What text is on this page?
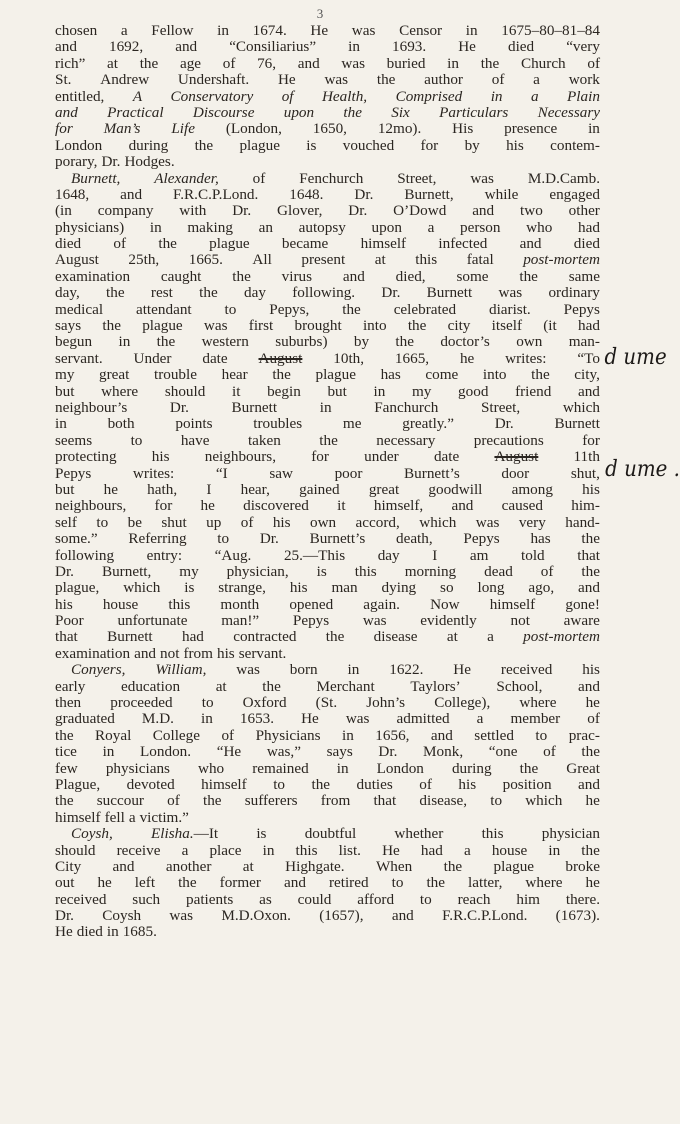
3
chosen a Fellow in 1674. He was Censor in 1675–80–81–84
and 1692, and “Consiliarius” in 1693. He died “very
rich” at the age of 76, and was buried in the Church of
St. Andrew Undershaft. He was the author of a work
entitled, A Conservatory of Health, Comprised in a Plain
and Practical Discourse upon the Six Particulars Necessary
for Man’s Life (London, 1650, 12mo). His presence in
London during the plague is vouched for by his contem-
porary, Dr. Hodges.
Burnett, Alexander, of Fenchurch Street, was M.D.Camb.
1648, and F.R.C.P.Lond. 1648. Dr. Burnett, while engaged
(in company with Dr. Glover, Dr. O’Dowd and two other
physicians) in making an autopsy upon a person who had
died of the plague became himself infected and died
August 25th, 1665. All present at this fatal post-mortem
examination caught the virus and died, some the same
day, the rest the day following. Dr. Burnett was ordinary
medical attendant to Pepys, the celebrated diarist. Pepys
says the plague was first brought into the city itself (it had
begun in the western suburbs) by the doctor’s own man-
servant. Under date August 10th, 1665, he writes: “To
my great trouble hear the plague has come into the city,
but where should it begin but in my good friend and
neighbour’s	Dr.	Burnett	in	Fanchurch	Street,	which
in	both	points	troubles	me	greatly.”	Dr.	Burnett
seems	to	have	taken	the	necessary	precautions	for
protecting his neighbours, for under date August 11th
Pepys	writes:	“I	saw	poor	Burnett’s	door	shut,
but he hath, I hear, gained great goodwill among his
neighbours, for he discovered it himself, and caused him-
self to be shut up of his own accord, which was very hand-
some.” Referring to Dr. Burnett’s death, Pepys has the
following entry: “Aug. 25.—This day I am told that
Dr. Burnett, my physician, is this morning dead of the
plague, which is strange, his man dying so long ago, and
his house this month opened again. Now himself gone!
Poor unfortunate man!” Pepys was evidently not aware
that Burnett had contracted the disease at a post-mortem
examination and not from his servant.
Conyers, William, was born in 1622. He received his
early education at the Merchant Taylors’ School, and
then proceeded to Oxford (St. John’s College), where he
graduated M.D. in 1653. He was admitted a member of
the Royal College of Physicians in 1656, and settled to prac-
tice in London. “He was,” says Dr. Monk, “one of the
few physicians who remained in London during the Great
Plague, devoted himself to the duties of his position and
the succour of the sufferers from that disease, to which he
himself fell a victim.”
Coysh,	Elisha.—It	is	doubtful	whether	this	physician
should receive a place in this list. He had a house in the
City and another at Highgate. When the plague broke
out he left the former and retired to the latter, where he
received such patients as could afford to reach him there.
Dr. Coysh was M.D.Oxon. (1657), and F.R.C.P.Lond. (1673).
He died in 1685.
d ume
d ume .
